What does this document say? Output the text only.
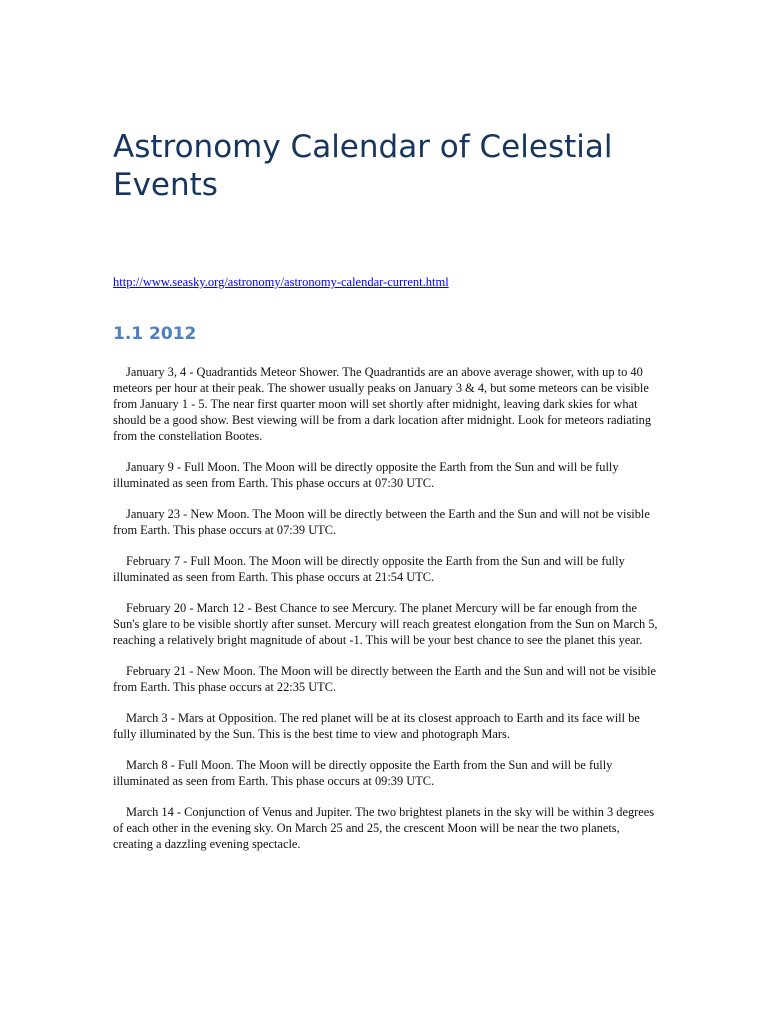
Astronomy Calendar of Celestial Events
http://www.seasky.org/astronomy/astronomy-calendar-current.html
1.1 2012

January 3, 4 - Quadrantids Meteor Shower. The Quadrantids are an above average shower, with up to 40 meteors per hour at their peak. The shower usually peaks on January 3 & 4, but some meteors can be visible from January 1 - 5. The near first quarter moon will set shortly after midnight, leaving dark skies for what should be a good show. Best viewing will be from a dark location after midnight. Look for meteors radiating from the constellation Bootes.

January 9 - Full Moon. The Moon will be directly opposite the Earth from the Sun and will be fully illuminated as seen from Earth. This phase occurs at 07:30 UTC.

January 23 - New Moon. The Moon will be directly between the Earth and the Sun and will not be visible from Earth. This phase occurs at 07:39 UTC.

February 7 - Full Moon. The Moon will be directly opposite the Earth from the Sun and will be fully illuminated as seen from Earth. This phase occurs at 21:54 UTC.

February 20 - March 12 - Best Chance to see Mercury. The planet Mercury will be far enough from the Sun's glare to be visible shortly after sunset. Mercury will reach greatest elongation from the Sun on March 5, reaching a relatively bright magnitude of about -1. This will be your best chance to see the planet this year.

February 21 - New Moon. The Moon will be directly between the Earth and the Sun and will not be visible from Earth. This phase occurs at 22:35 UTC.

March 3 - Mars at Opposition. The red planet will be at its closest approach to Earth and its face will be fully illuminated by the Sun. This is the best time to view and photograph Mars.

March 8 - Full Moon. The Moon will be directly opposite the Earth from the Sun and will be fully illuminated as seen from Earth. This phase occurs at 09:39 UTC.

March 14 - Conjunction of Venus and Jupiter. The two brightest planets in the sky will be within 3 degrees of each other in the evening sky. On March 25 and 25, the crescent Moon will be near the two planets, creating a dazzling evening spectacle.
